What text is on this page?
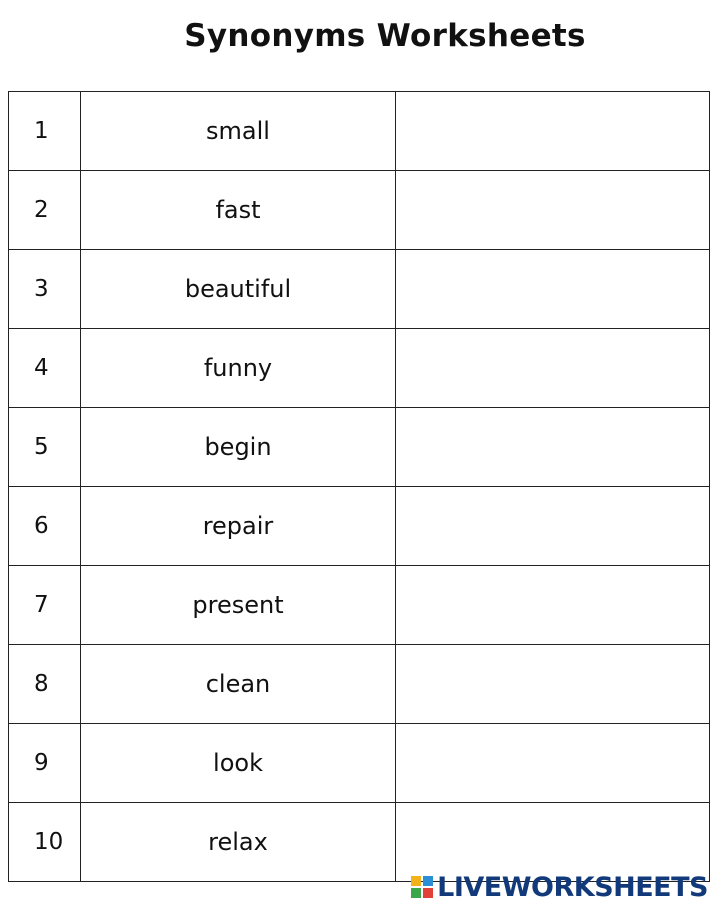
Synonyms Worksheets
1	small	
2	fast	
3	beautiful	
4	funny	
5	begin	
6	repair	
7	present	
8	clean	
9	look	
10	relax	
LIVEWORKSHEETS
